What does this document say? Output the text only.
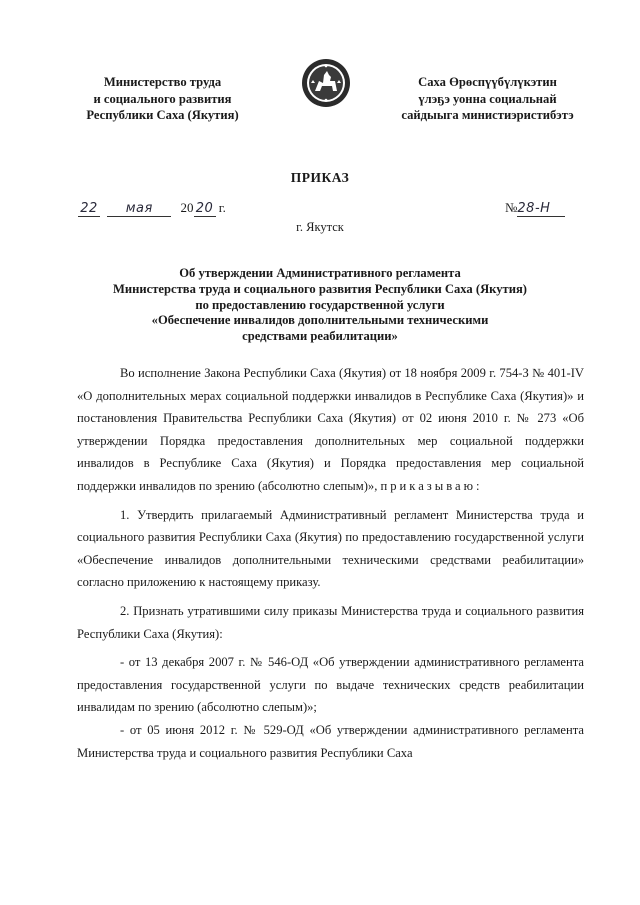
Министерство труда
и социального развития
Республики Саха (Якутия)
Саха Өрөспүүбүлүкэтин
үлэҕэ уонна социальнай
сайдыыга министиэристибэтэ
ПРИКАЗ
22 мая 20 20 г.	№28-Н
г. Якутск
Об утверждении Административного регламента
Министерства труда и социального развития Республики Саха (Якутия)
по предоставлению государственной услуги
«Обеспечение инвалидов дополнительными техническими
средствами реабилитации»

Во исполнение Закона Республики Саха (Якутия) от 18 ноября 2009 г. 754-З № 401-IV «О дополнительных мерах социальной поддержки инвалидов в Республике Саха (Якутия)» и постановления Правительства Республики Саха (Якутия) от 02 июня 2010 г. № 273 «Об утверждении Порядка предоставления дополнительных мер социальной поддержки инвалидов в Республике Саха (Якутия) и Порядка предоставления мер социальной поддержки инвалидов по зрению (абсолютно слепым)», приказываю:

1. Утвердить прилагаемый Административный регламент Министерства труда и социального развития Республики Саха (Якутия) по предоставлению государственной услуги «Обеспечение инвалидов дополнительными техническими средствами реабилитации» согласно приложению к настоящему приказу.

2. Признать утратившими силу приказы Министерства труда и социального развития Республики Саха (Якутия):

- от 13 декабря 2007 г. № 546-ОД «Об утверждении административного регламента предоставления государственной услуги по выдаче технических средств реабилитации инвалидам по зрению (абсолютно слепым)»;

- от 05 июня 2012 г. № 529-ОД «Об утверждении административного регламента Министерства труда и социального развития Республики Саха
